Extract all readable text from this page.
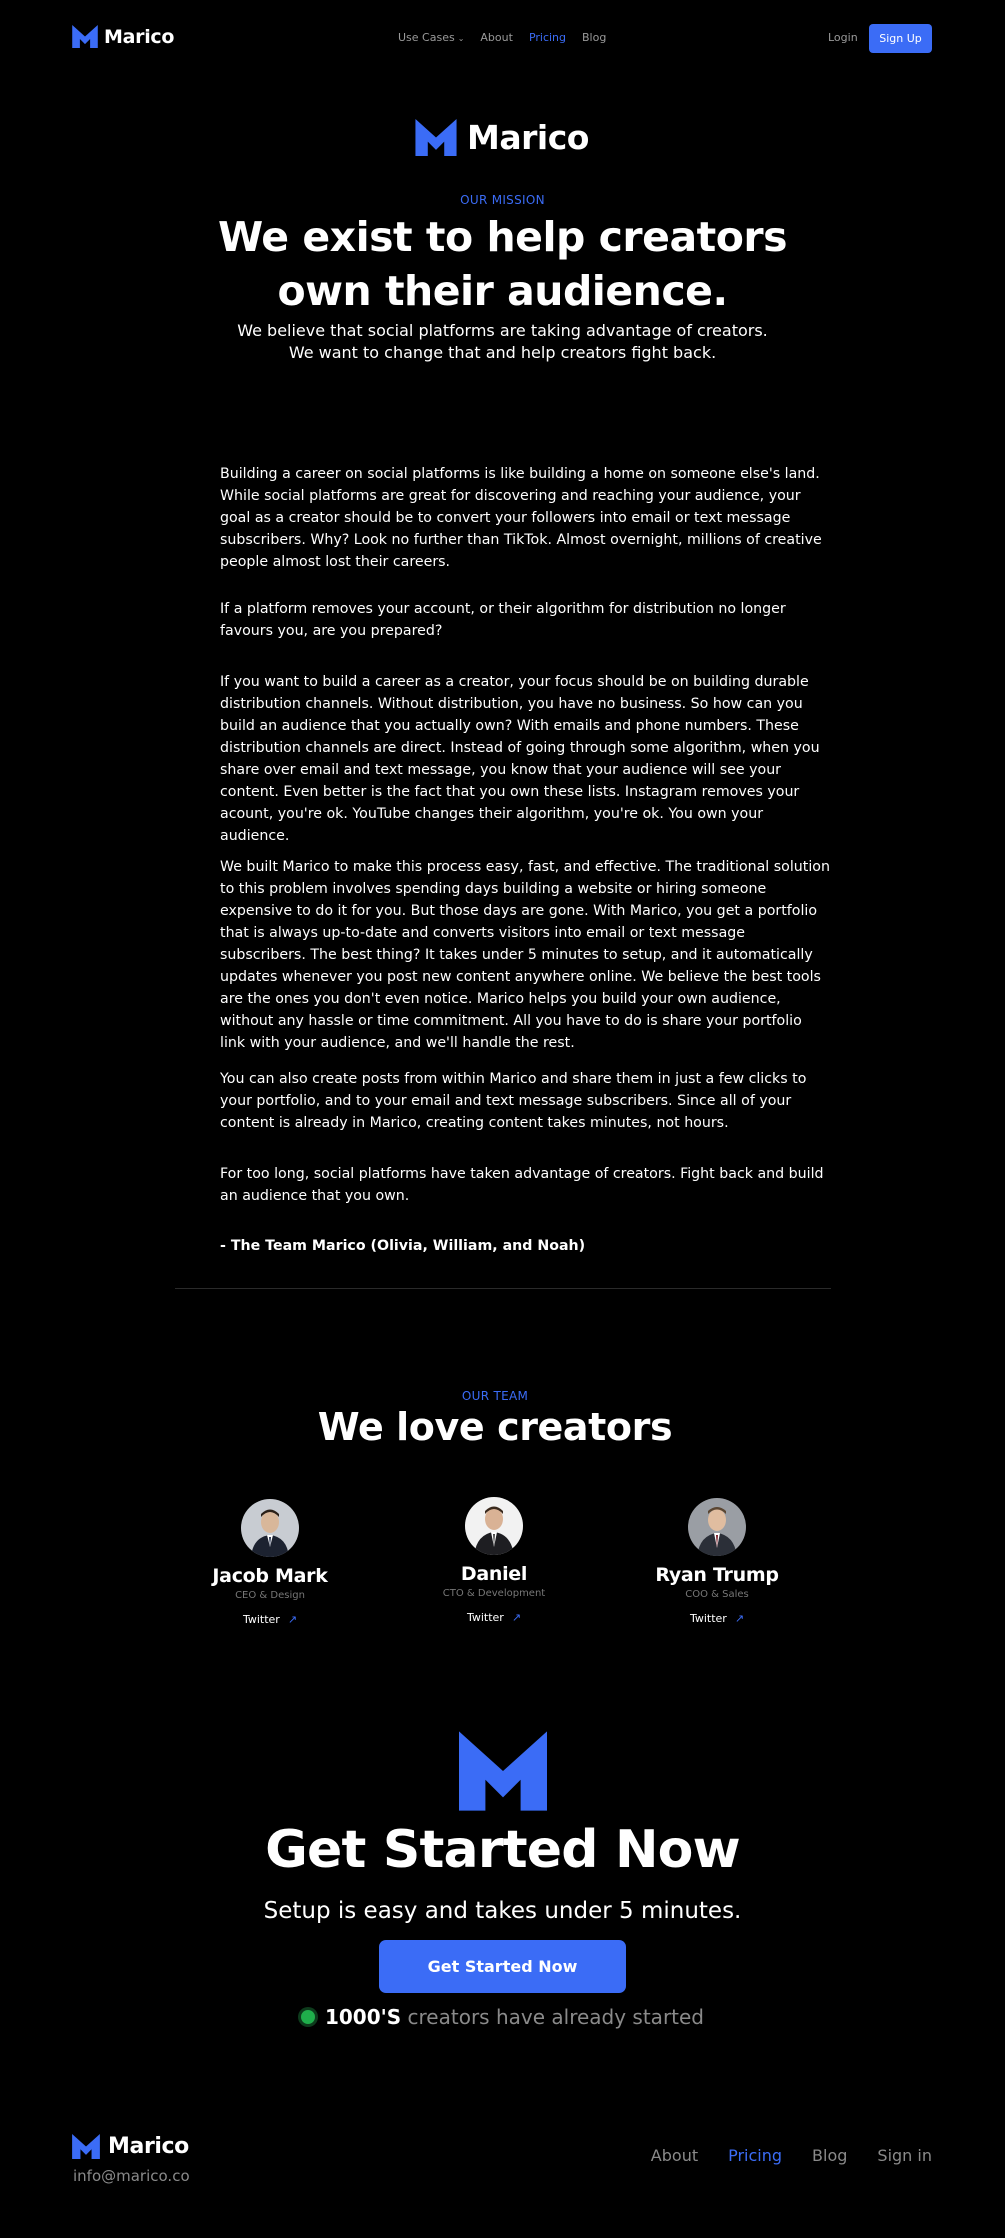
Marico	Use Cases ⌄ About Pricing Blog	Login	Sign Up
Marico
OUR MISSION
We exist to help creators
own their audience.
We believe that social platforms are taking advantage of creators.
We want to change that and help creators fight back.

Building a career on social platforms is like building a home on someone else's land. While social platforms are great for discovering and reaching your audience, your goal as a creator should be to convert your followers into email or text message subscribers. Why? Look no further than TikTok. Almost overnight, millions of creative people almost lost their careers.

If a platform removes your account, or their algorithm for distribution no longer favours you, are you prepared?

If you want to build a career as a creator, your focus should be on building durable distribution channels. Without distribution, you have no business. So how can you build an audience that you actually own? With emails and phone numbers. These distribution channels are direct. Instead of going through some algorithm, when you share over email and text message, you know that your audience will see your content. Even better is the fact that you own these lists. Instagram removes your acount, you're ok. YouTube changes their algorithm, you're ok. You own your audience.

We built Marico to make this process easy, fast, and effective. The traditional solution to this problem involves spending days building a website or hiring someone expensive to do it for you. But those days are gone. With Marico, you get a portfolio that is always up-to-date and converts visitors into email or text message subscribers. The best thing? It takes under 5 minutes to setup, and it automatically updates whenever you post new content anywhere online. We believe the best tools are the ones you don't even notice. Marico helps you build your own audience, without any hassle or time commitment. All you have to do is share your portfolio link with your audience, and we'll handle the rest.

You can also create posts from within Marico and share them in just a few clicks to your portfolio, and to your email and text message subscribers. Since all of your content is already in Marico, creating content takes minutes, not hours.

For too long, social platforms have taken advantage of creators. Fight back and build an audience that you own.

- The Team Marico (Olivia, William, and Noah)

OUR TEAM
We love creators
Jacob Mark
CEO & Design
Twitter ↗
Daniel
CTO & Development
Twitter ↗
Ryan Trump
COO & Sales
Twitter ↗
Get Started Now
Setup is easy and takes under 5 minutes.
Get Started Now
1000'S creators have already started
Marico
info@marico.co
About Pricing Blog Sign in
